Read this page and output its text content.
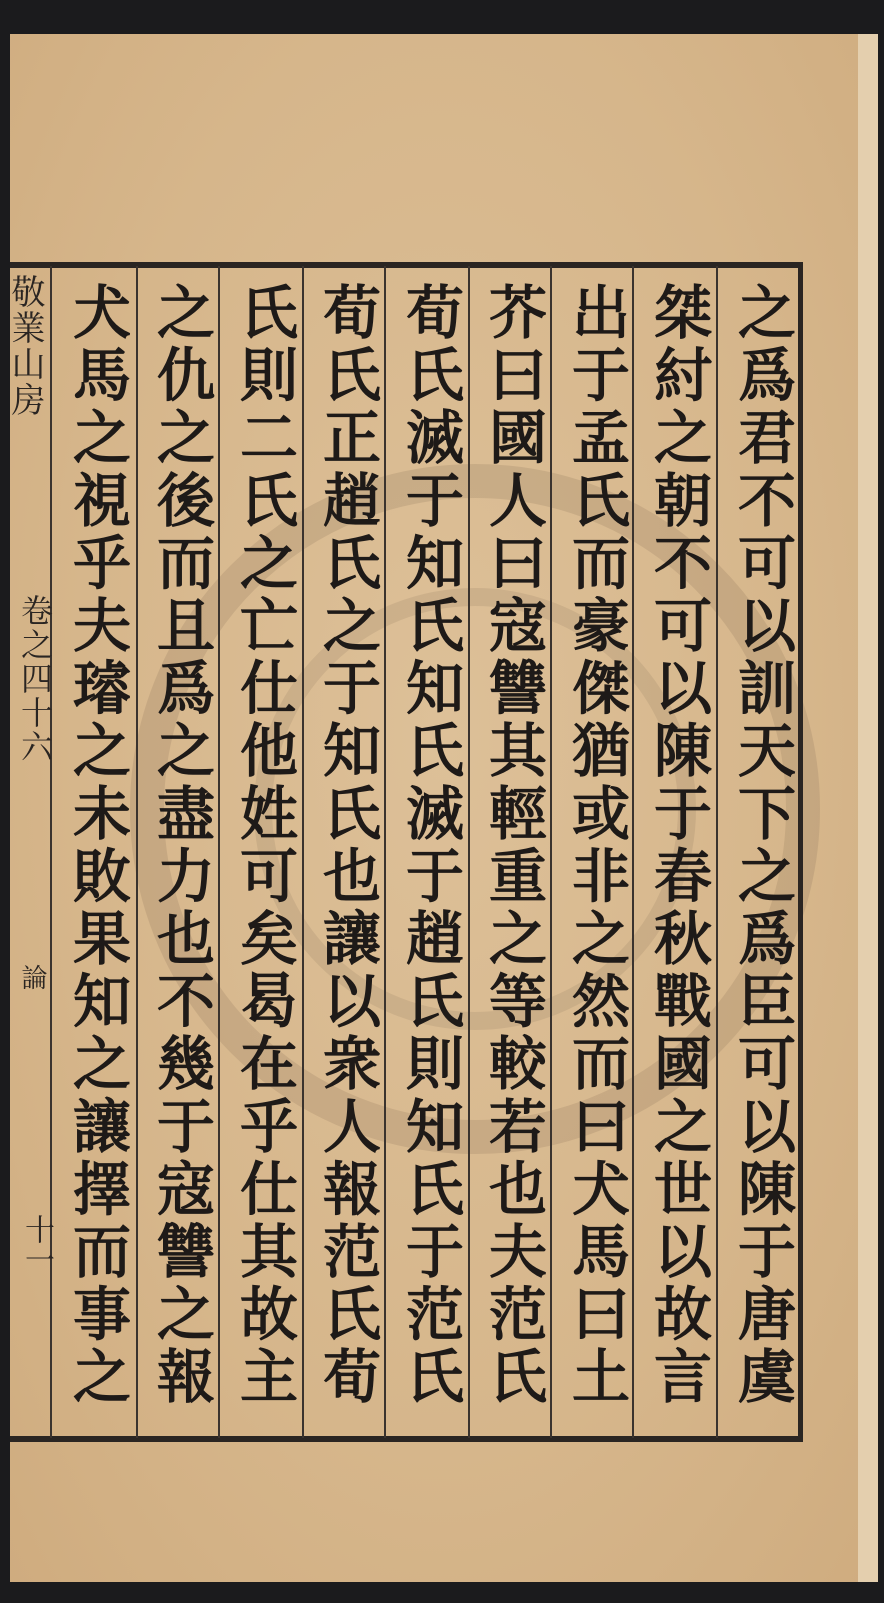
之爲君不可以訓天下之爲臣可以陳于唐虞
桀紂之朝不可以陳于春秋戰國之世以故言
出于孟氏而豪傑猶或非之然而曰犬馬曰土
芥曰國人曰寇讐其輕重之等較若也夫范氏
荀氏滅于知氏知氏滅于趙氏則知氏于范氏
荀氏正趙氏之于知氏也讓以衆人報范氏荀
氏則二氏之亡仕他姓可矣曷在乎仕其故主
之仇之後而且爲之盡力也不幾于寇讐之報
犬馬之視乎夫璿之未敗果知之讓擇而事之
敬業山房
卷之四十六
論
十一
